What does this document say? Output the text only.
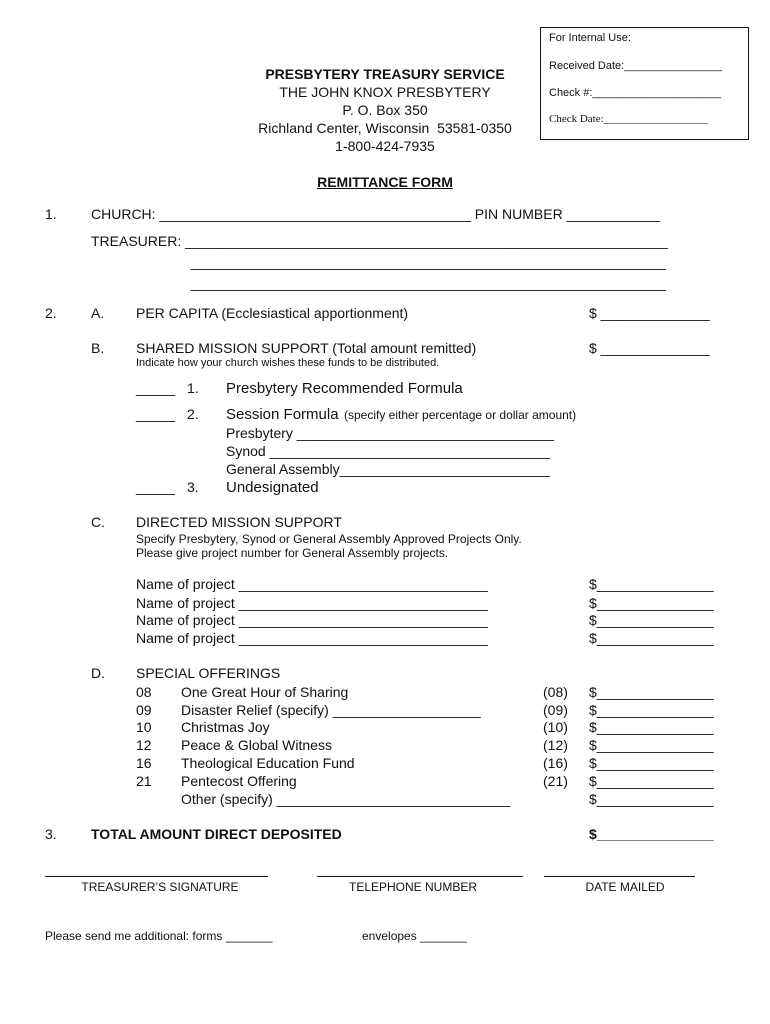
For Internal Use:
Received Date:________________
Check #:_____________________
Check Date:___________________
PRESBYTERY TREASURY SERVICE
THE JOHN KNOX PRESBYTERY
P. O. Box 350
Richland Center, Wisconsin  53581-0350
1-800-424-7935
REMITTANCE FORM
1. CHURCH: ________________________________________ PIN NUMBER ____________
TREASURER: ______________________________________________________________
_____________________________________________________________
_____________________________________________________________
2. A. PER CAPITA (Ecclesiastical apportionment)	$ ______________
B. SHARED MISSION SUPPORT (Total amount remitted)	$ ______________
Indicate how your church wishes these funds to be distributed.
_____ 1. Presbytery Recommended Formula
_____ 2. Session Formula (specify either percentage or dollar amount)
Presbytery _________________________________
Synod ____________________________________
General Assembly___________________________
_____ 3. Undesignated
C. DIRECTED MISSION SUPPORT
Specify Presbytery, Synod or General Assembly Approved Projects Only.
Please give project number for General Assembly projects.
Name of project ________________________________	$_______________
Name of project ________________________________	$_______________
Name of project ________________________________	$_______________
Name of project ________________________________	$_______________
D. SPECIAL OFFERINGS
08 One Great Hour of Sharing	(08) $_______________
09 Disaster Relief (specify) ___________________	(09) $_______________
10 Christmas Joy	(10) $_______________
12 Peace & Global Witness	(12) $_______________
16 Theological Education Fund	(16) $_______________
21 Pentecost Offering	(21) $_______________
Other (specify) ______________________________	$_______________
3. TOTAL AMOUNT DIRECT DEPOSITED	$_______________
TREASURER’S SIGNATURE	TELEPHONE NUMBER	DATE MAILED
Please send me additional: forms _______	envelopes _______
